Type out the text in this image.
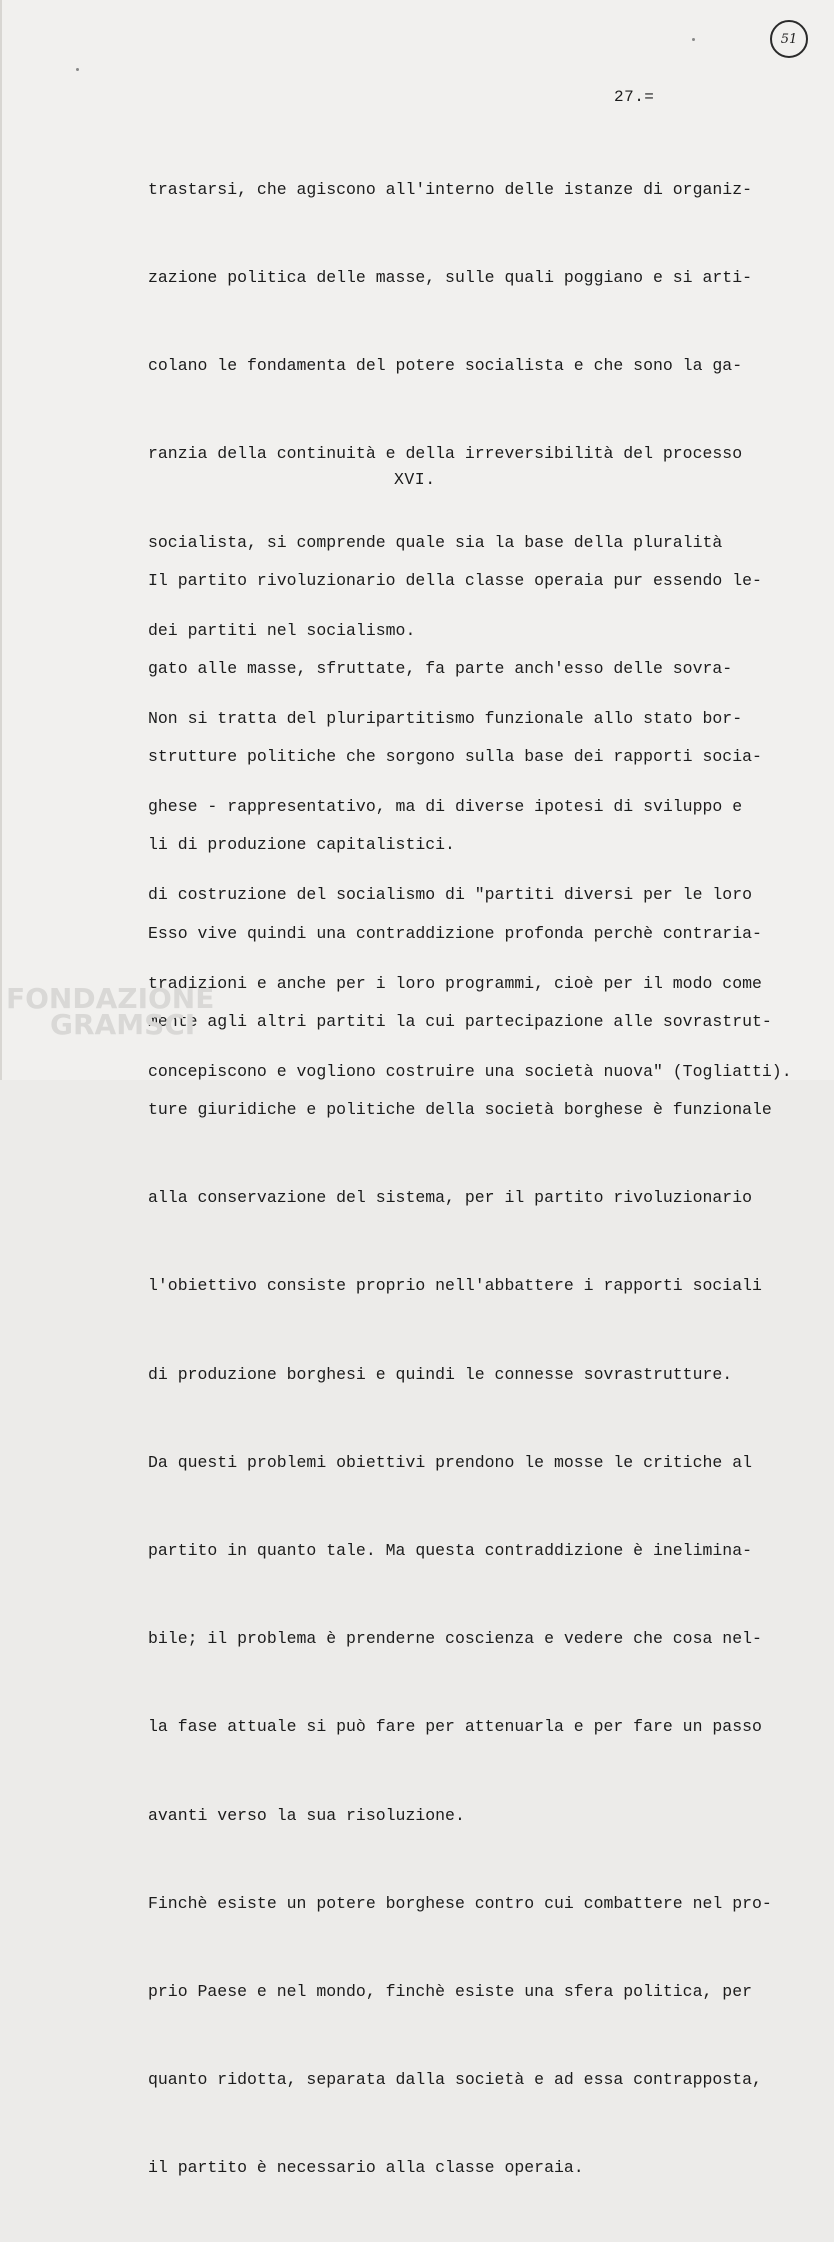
51
27.=

trastarsi, che agiscono all'interno delle istanze di organiz-

zazione politica delle masse, sulle quali poggiano e si arti-

colano le fondamenta del potere socialista e che sono la ga-

ranzia della continuità e della irreversibilità del processo

socialista, si comprende quale sia la base della pluralità

dei partiti nel socialismo.

Non si tratta del pluripartitismo funzionale allo stato bor-

ghese - rappresentativo, ma di diverse ipotesi di sviluppo e

di costruzione del socialismo di "partiti diversi per le loro

tradizioni e anche per i loro programmi, cioè per il modo come

concepiscono e vogliono costruire una società nuova" (Togliatti).

XVI.

Il partito rivoluzionario della classe operaia pur essendo le-

gato alle masse, sfruttate, fa parte anch'esso delle sovra-

strutture politiche che sorgono sulla base dei rapporti socia-

li di produzione capitalistici.

Esso vive quindi una contraddizione profonda perchè contraria-

mente agli altri partiti la cui partecipazione alle sovrastrut-

ture giuridiche e politiche della società borghese è funzionale

alla conservazione del sistema, per il partito rivoluzionario

l'obiettivo consiste proprio nell'abbattere i rapporti sociali

di produzione borghesi e quindi le connesse sovrastrutture.

Da questi problemi obiettivi prendono le mosse le critiche al

partito in quanto tale. Ma questa contraddizione è inelimina-

bile; il problema è prenderne coscienza e vedere che cosa nel-

la fase attuale si può fare per attenuarla e per fare un passo

avanti verso la sua risoluzione.

Finchè esiste un potere borghese contro cui combattere nel pro-

prio Paese e nel mondo, finchè esiste una sfera politica, per

quanto ridotta, separata dalla società e ad essa contrapposta,

il partito è necessario alla classe operaia.

FONDAZIONE
GRAMSCI
